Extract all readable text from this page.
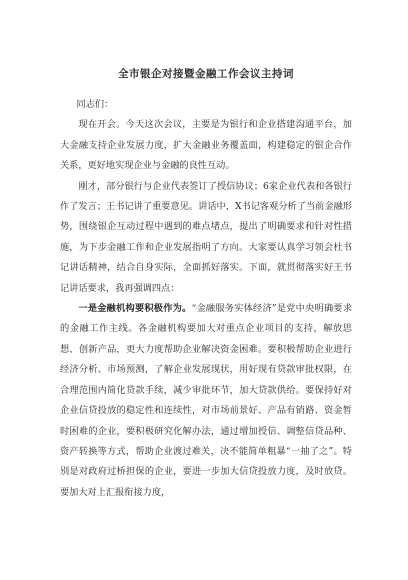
全市银企对接暨金融工作会议主持词

同志们：

现在开会。今天这次会议，主要是为银行和企业搭建沟通平台，加大金融支持企业发展力度，扩大金融业务覆盖面，构建稳定的银企合作关系，更好地实现企业与金融的良性互动。

刚才，部分银行与企业代表签订了授信协议；6家企业代表和各银行作了发言；王书记讲了重要意见。讲话中，X书记客观分析了当前金融形势，围绕银企互动过程中遇到的难点堵点，提出了明确要求和针对性措施，为下步金融工作和企业发展指明了方向。大家要认真学习领会杜书记讲话精神，结合自身实际，全面抓好落实。下面，就贯彻落实好王书记讲话要求，我再强调四点：

一是金融机构要积极作为。“金融服务实体经济”是党中央明确要求的金融工作主线。各金融机构要加大对重点企业项目的支持，解放思想、创新产品，更大力度帮助企业解决资金困难。要积极帮助企业进行经济分析、市场预测，了解企业发展现状，用好现有贷款审批权限，在合理范围内简化贷款手续，减少审批环节，加大贷款供给。要保持好对企业信贷投放的稳定性和连续性，对市场前景好、产品有销路、资金暂时困难的企业，要积极研究化解办法，通过增加授信、调整信贷品种、资产转换等方式，帮助企业渡过难关，决不能简单粗暴“一抽了之”。特别是对政府过桥担保的企业，要进一步加大信贷投放力度，及时放贷。要加大对上汇报衔接力度，
